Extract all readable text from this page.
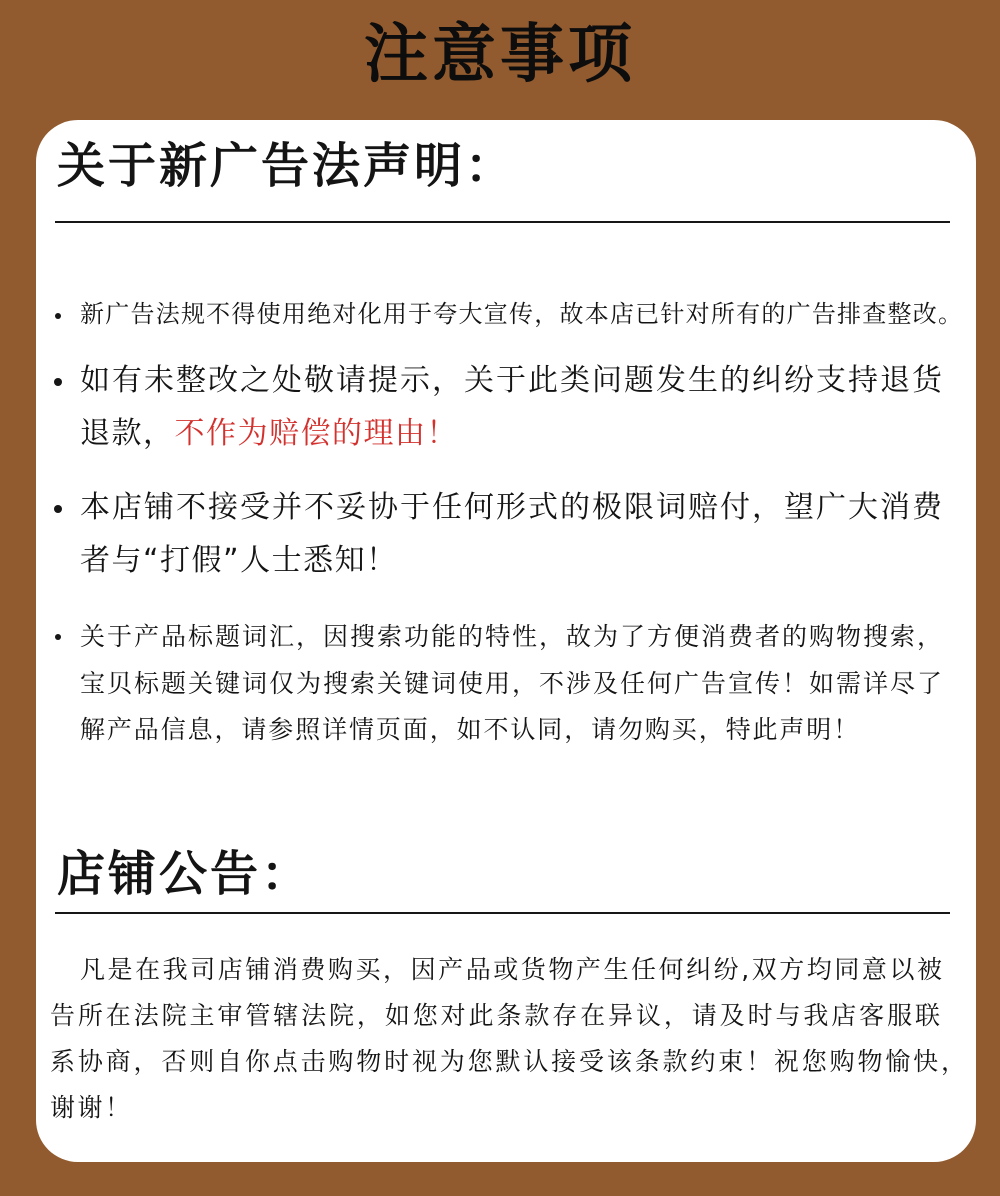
注意事项
关于新广告法声明：
新广告法规不得使用绝对化用于夸大宣传，故本店已针对所有的广告排查整改。
如有未整改之处敬请提示，关于此类问题发生的纠纷支持退货
退款，不作为赔偿的理由！
本店铺不接受并不妥协于任何形式的极限词赔付，望广大消费
者与“打假”人士悉知！
关于产品标题词汇，因搜索功能的特性，故为了方便消费者的购物搜索，
宝贝标题关键词仅为搜索关键词使用，不涉及任何广告宣传！如需详尽了
解产品信息，请参照详情页面，如不认同，请勿购买，特此声明！
店铺公告：
凡是在我司店铺消费购买，因产品或货物产生任何纠纷,双方均同意以被
告所在法院主审管辖法院，如您对此条款存在异议，请及时与我店客服联
系协商，否则自你点击购物时视为您默认接受该条款约束！祝您购物愉快，
谢谢！
